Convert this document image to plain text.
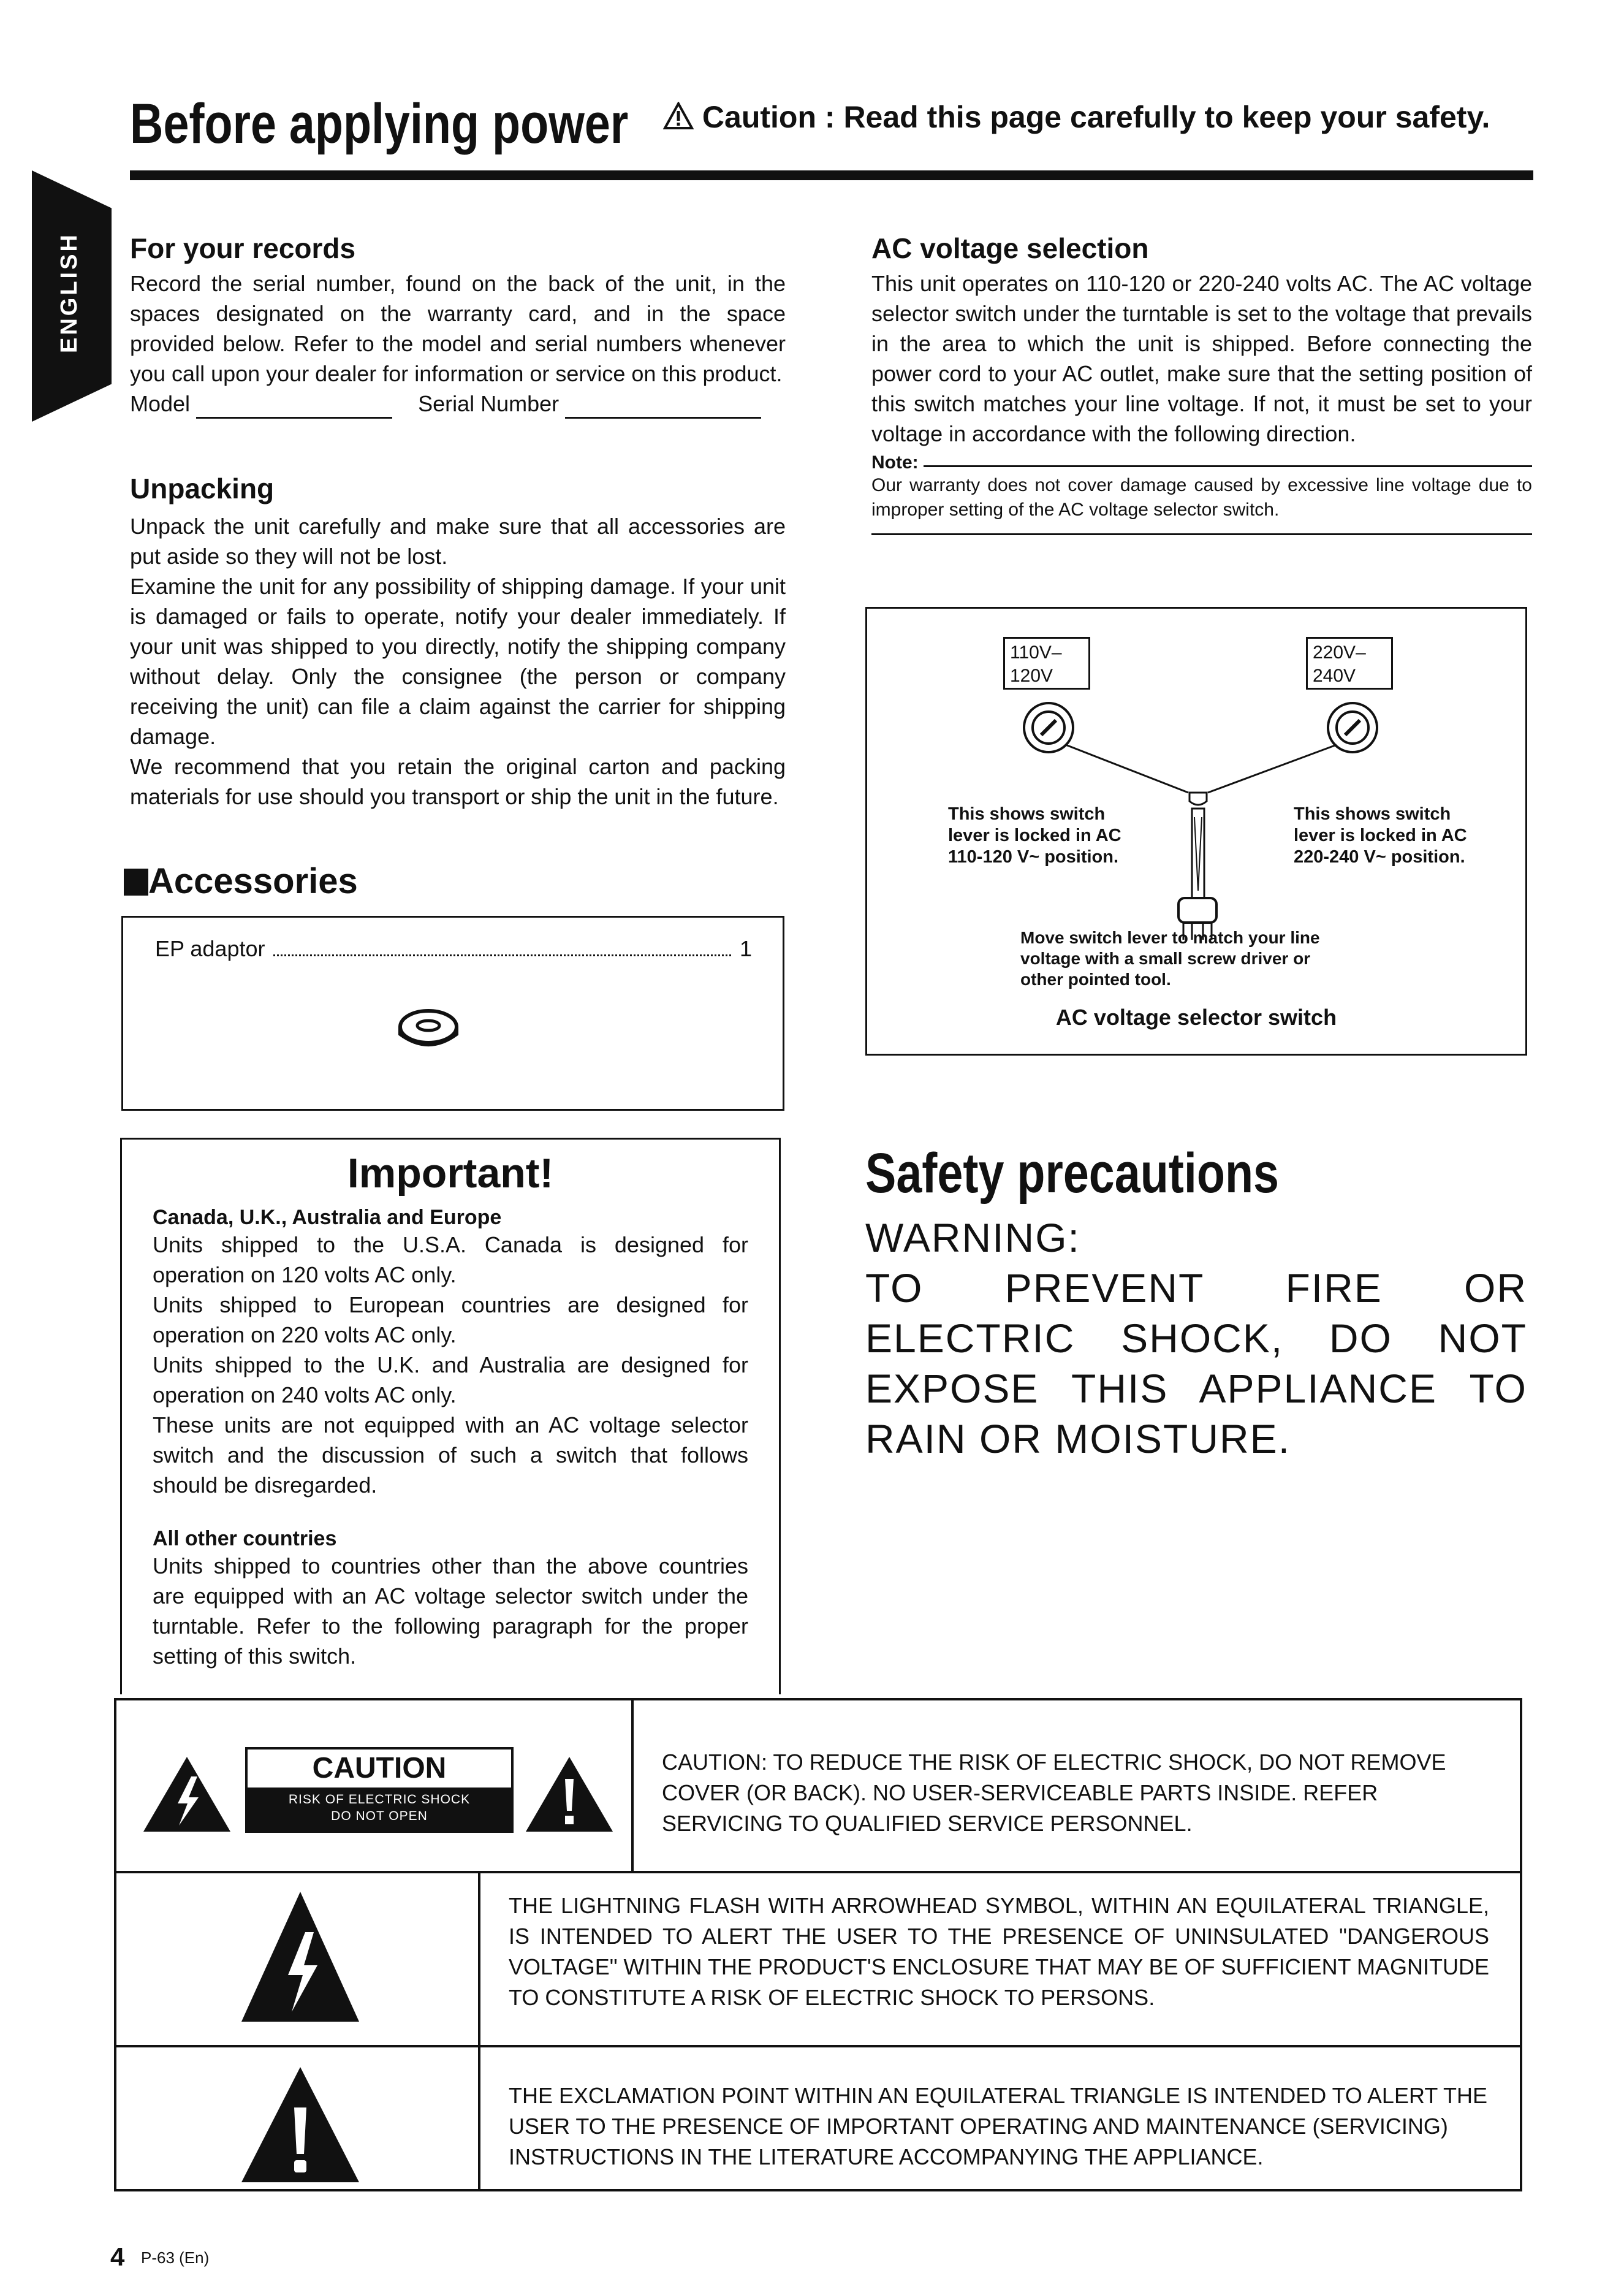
Before applying power	Caution : Read this page carefully to keep your safety.
ENGLISH	For your records

Record the serial number, found on the back of the unit, in the spaces designated on the warranty card, and in the space provided below. Refer to the model and serial numbers whenever you call upon your dealer for information or service on this product.

Model	Serial Number
Unpacking

Unpack the unit carefully and make sure that all accessories are put aside so they will not be lost.

Examine the unit for any possibility of shipping damage. If your unit is damaged or fails to operate, notify your dealer immediately. If your unit was shipped to you directly, notify the shipping company without delay. Only the consignee (the person or company receiving the unit) can file a claim against the carrier for shipping damage.

We recommend that you retain the original carton and packing materials for use should you transport or ship the unit in the future.

Accessories
EP adaptor	1
AC voltage selection

This unit operates on 110-120 or 220-240 volts AC. The AC voltage selector switch under the turntable is set to the voltage that prevails in the area to which the unit is shipped. Before connecting the power cord to your AC outlet, make sure that the setting position of this switch matches your line voltage. If not, it must be set to your voltage in accordance with the following direction.

Note:

Our warranty does not cover damage caused by excessive line voltage due to improper setting of the AC voltage selector switch.

110V–
120V
220V–
240V
This shows switch lever is locked in AC 110-120 V~ position.
This shows switch lever is locked in AC 220-240 V~ position.
Move switch lever to match your line voltage with a small screw driver or other pointed tool.
AC voltage selector switch
Important!
Canada, U.K., Australia and Europe

Units shipped to the U.S.A. Canada is designed for operation on 120 volts AC only.

Units shipped to European countries are designed for operation on 220 volts AC only.

Units shipped to the U.K. and Australia are designed for operation on 240 volts AC only.

These units are not equipped with an AC voltage selector switch and the discussion of such a switch that follows should be disregarded.

All other countries

Units shipped to countries other than the above countries are equipped with an AC voltage selector switch under the turntable. Refer to the following paragraph for the proper setting of this switch.

Safety precautions
WARNING:
TO PREVENT FIRE OR ELECTRIC SHOCK, DO NOT EXPOSE THIS APPLIANCE TO RAIN OR MOISTURE.
CAUTION
RISK OF ELECTRIC SHOCK
DO NOT OPEN
CAUTION: TO REDUCE THE RISK OF ELECTRIC SHOCK, DO NOT REMOVE COVER (OR BACK). NO USER-SERVICEABLE PARTS INSIDE. REFER SERVICING TO QUALIFIED SERVICE PERSONNEL.
THE LIGHTNING FLASH WITH ARROWHEAD SYMBOL, WITHIN AN EQUILATERAL TRIANGLE, IS INTENDED TO ALERT THE USER TO THE PRESENCE OF UNINSULATED "DANGEROUS VOLTAGE" WITHIN THE PRODUCT'S ENCLOSURE THAT MAY BE OF SUFFICIENT MAGNITUDE TO CONSTITUTE A RISK OF ELECTRIC SHOCK TO PERSONS.
THE EXCLAMATION POINT WITHIN AN EQUILATERAL TRIANGLE IS INTENDED TO ALERT THE USER TO THE PRESENCE OF IMPORTANT OPERATING AND MAINTENANCE (SERVICING) INSTRUCTIONS IN THE LITERATURE ACCOMPANYING THE APPLIANCE.
4 P-63 (En)
